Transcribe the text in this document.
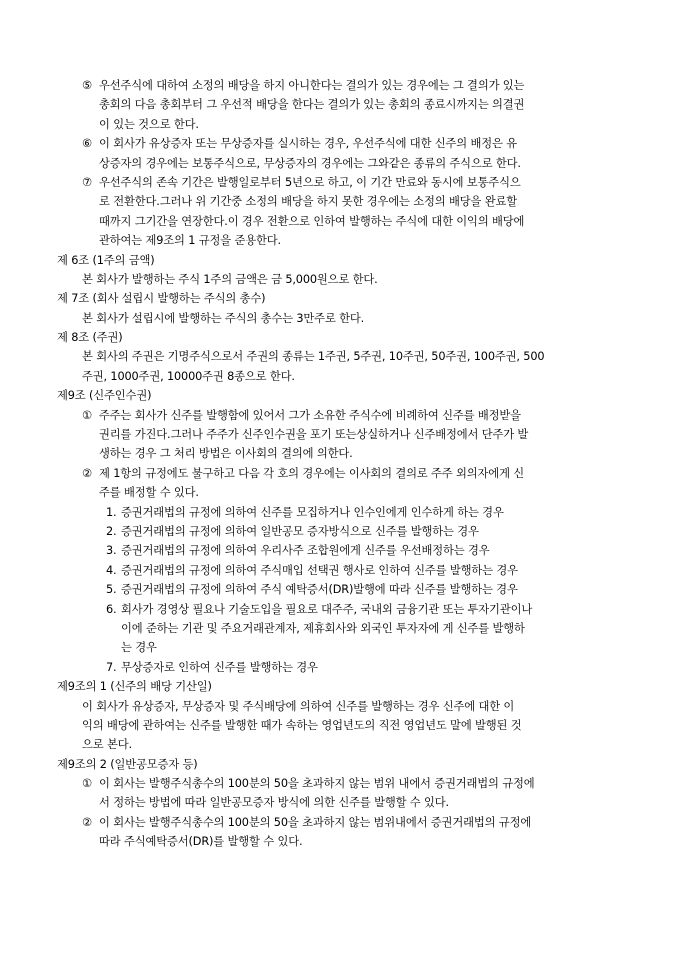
⑤ 우선주식에 대하여 소정의 배당을 하지 아니한다는 결의가 있는 경우에는 그 결의가 있는
총회의 다음 총회부터 그 우선적 배당을 한다는 결의가 있는 총회의 종료시까지는 의결권
이 있는 것으로 한다.
⑥ 이 회사가 유상증자 또는 무상증자를 실시하는 경우, 우선주식에 대한 신주의 배정은 유
상증자의 경우에는 보통주식으로, 무상증자의 경우에는 그와같은 종류의 주식으로 한다.
⑦ 우선주식의 존속 기간은 발행일로부터 5년으로 하고, 이 기간 만료와 동시에 보통주식으
로 전환한다.그러나 위 기간중 소정의 배당을 하지 못한 경우에는 소정의 배당을 완료할
때까지 그기간을 연장한다.이 경우 전환으로 인하여 발행하는 주식에 대한 이익의 배당에
관하여는 제9조의 1 규정을 준용한다.
제 6조 (1주의 금액)
본 회사가 발행하는 주식 1주의 금액은 금 5,000원으로 한다.
제 7조 (회사 설립시 발행하는 주식의 총수)
본 회사가 설립시에 발행하는 주식의 총수는 3만주로 한다.
제 8조 (주권)
본 회사의 주권은 기명주식으로서 주권의 종류는 1주권, 5주권, 10주권, 50주권, 100주권, 500
주권, 1000주권, 10000주권 8종으로 한다.
제9조 (신주인수권)
① 주주는 회사가 신주를 발행함에 있어서 그가 소유한 주식수에 비례하여 신주를 배정받을
권리를 가진다.그러나 주주가 신주인수권을 포기 또는상실하거나 신주배정에서 단주가 발
생하는 경우 그 처리 방법은 이사회의 결의에 의한다.
② 제 1항의 규정에도 불구하고 다음 각 호의 경우에는 이사회의 결의로 주주 외의자에게 신
주를 배정할 수 있다.
1. 증권거래법의 규정에 의하여 신주를 모집하거나 인수인에게 인수하게 하는 경우
2. 증권거래법의 규정에 의하여 일반공모 증자방식으로 신주를 발행하는 경우
3. 증권거래법의 규정에 의하여 우리사주 조합원에게 신주를 우선배정하는 경우
4. 증권거래법의 규정에 의하여 주식매입 선택권 행사로 인하여 신주를 발행하는 경우
5. 증권거래법의 규정에 의하여 주식 예탁증서(DR)발행에 따라 신주를 발행하는 경우
6. 회사가 경영상 필요나 기술도입을 필요로 대주주, 국내외 금융기관 또는 투자기관이나
이에 준하는 기관 및 주요거래관계자, 제휴회사와 외국인 투자자에 게 신주를 발행하
는 경우
7. 무상증자로 인하여 신주를 발행하는 경우
제9조의 1 (신주의 배당 기산일)
이 회사가 유상증자, 무상증자 및 주식배당에 의하여 신주를 발행하는 경우 신주에 대한 이
익의 배당에 관하여는 신주를 발행한 때가 속하는 영업년도의 직전 영업년도 말에 발행된 것
으로 본다.
제9조의 2 (일반공모증자 등)
① 이 회사는 발행주식총수의 100분의 50을 초과하지 않는 범위 내에서 증권거래법의 규정에
서 정하는 방법에 따라 일반공모증자 방식에 의한 신주를 발행할 수 있다.
② 이 회사는 발행주식총수의 100분의 50을 초과하지 않는 범위내에서 증권거래법의 규정에
따라 주식예탁증서(DR)를 발행할 수 있다.
